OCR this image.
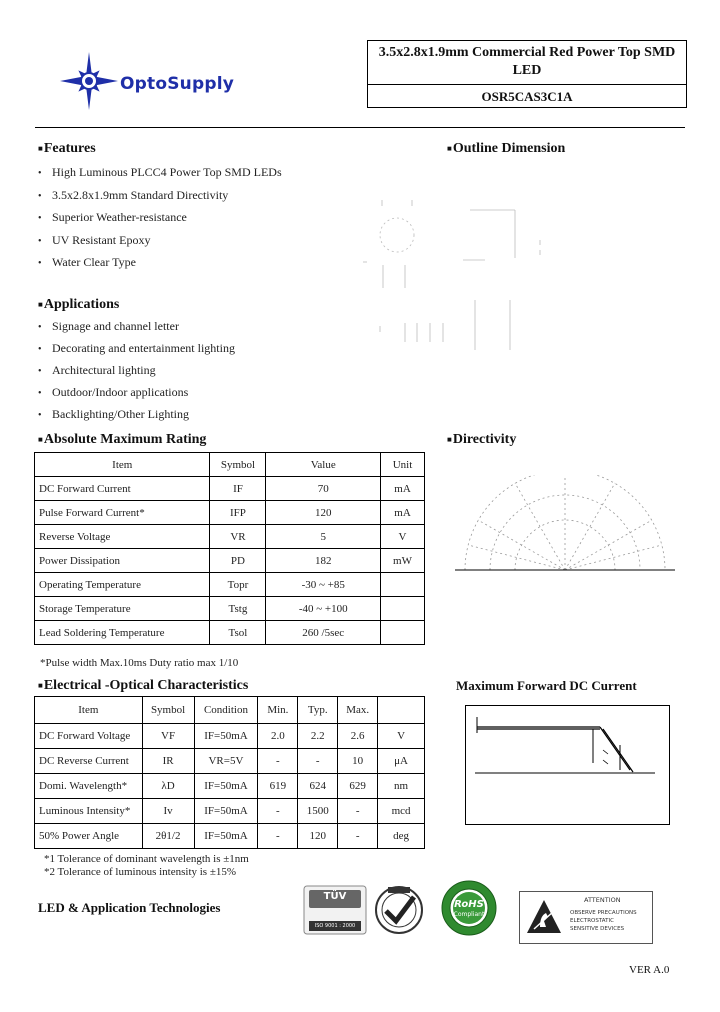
OptoSupply
3.5x2.8x1.9mm Commercial Red Power Top SMD LED
OSR5CAS3C1A
■Features
• High Luminous PLCC4 Power Top SMD LEDs
• 3.5x2.8x1.9mm Standard Directivity
• Superior Weather-resistance
• UV Resistant Epoxy
• Water Clear Type
■Outline Dimension
■Applications
• Signage and channel letter
• Decorating and entertainment lighting
• Architectural lighting
• Outdoor/Indoor applications
• Backlighting/Other Lighting
■Absolute Maximum Rating
Item	Symbol	Value	Unit
DC Forward Current	IF	70	mA
Pulse Forward Current*	IFP	120	mA
Reverse Voltage	VR	5	V
Power Dissipation	PD	182	mW
Operating Temperature	Topr	-30 ~ +85	
Storage Temperature	Tstg	-40 ~ +100	
Lead Soldering Temperature	Tsol	260 /5sec	
*Pulse width Max.10ms Duty ratio max 1/10
■Directivity
■Electrical -Optical Characteristics
Item	Symbol	Condition	Min.	Typ.	Max.	
DC Forward Voltage	VF	IF=50mA	2.0	2.2	2.6	V
DC Reverse Current	IR	VR=5V	-	-	10	μA
Domi. Wavelength*	λD	IF=50mA	619	624	629	nm
Luminous Intensity*	Iv	IF=50mA	-	1500	-	mcd
50% Power Angle	2θ1/2	IF=50mA	-	120	-	deg
*1 Tolerance of dominant wavelength is ±1nm
*2 Tolerance of luminous intensity is ±15%
Maximum Forward DC Current
LED & Application Technologies
TÜV
ISO 9001 : 2000
RoHS
Compliant
ATTENTION
OBSERVE PRECAUTIONS
ELECTROSTATIC
SENSITIVE DEVICES
VER A.0
